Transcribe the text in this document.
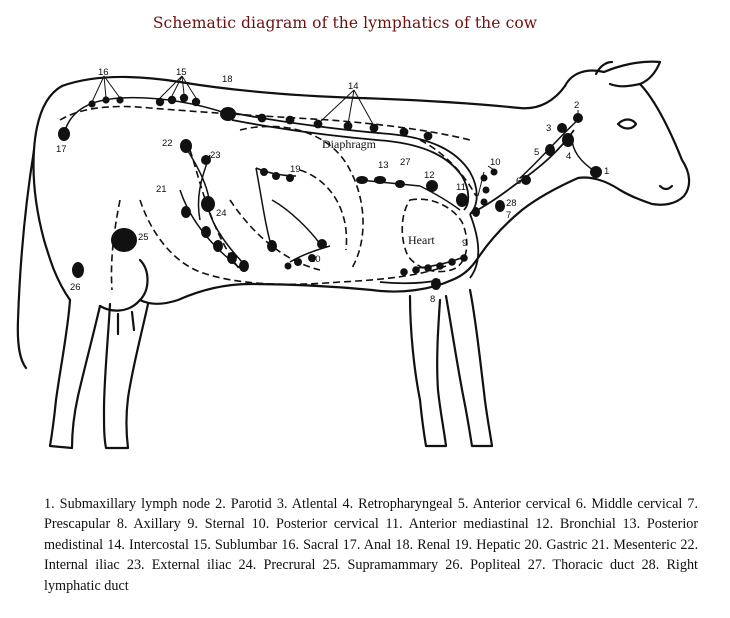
Schematic diagram of the lymphatics of the cow
Diaphragm
Heart
1
2
3
4
5
6
7
8
9
10
11
12
13
14
15
16
17
18
19
20
21
22
23
24
25
26
27
28
1. Submaxillary lymph node 2. Parotid 3. Atlental 4. Retropharyngeal 5. Anterior cervical 6. Middle cervical 7. Prescapular 8. Axillary 9. Sternal 10. Posterior cervical 11. Anterior mediastinal 12. Bronchial 13. Posterior medistinal 14. Intercostal 15. Sublumbar 16. Sacral 17. Anal 18. Renal 19. Hepatic 20. Gastric 21. Mesenteric 22. Internal iliac 23. External iliac 24. Precrural 25. Supramammary 26. Popliteal 27. Thoracic duct 28. Right lymphatic duct
